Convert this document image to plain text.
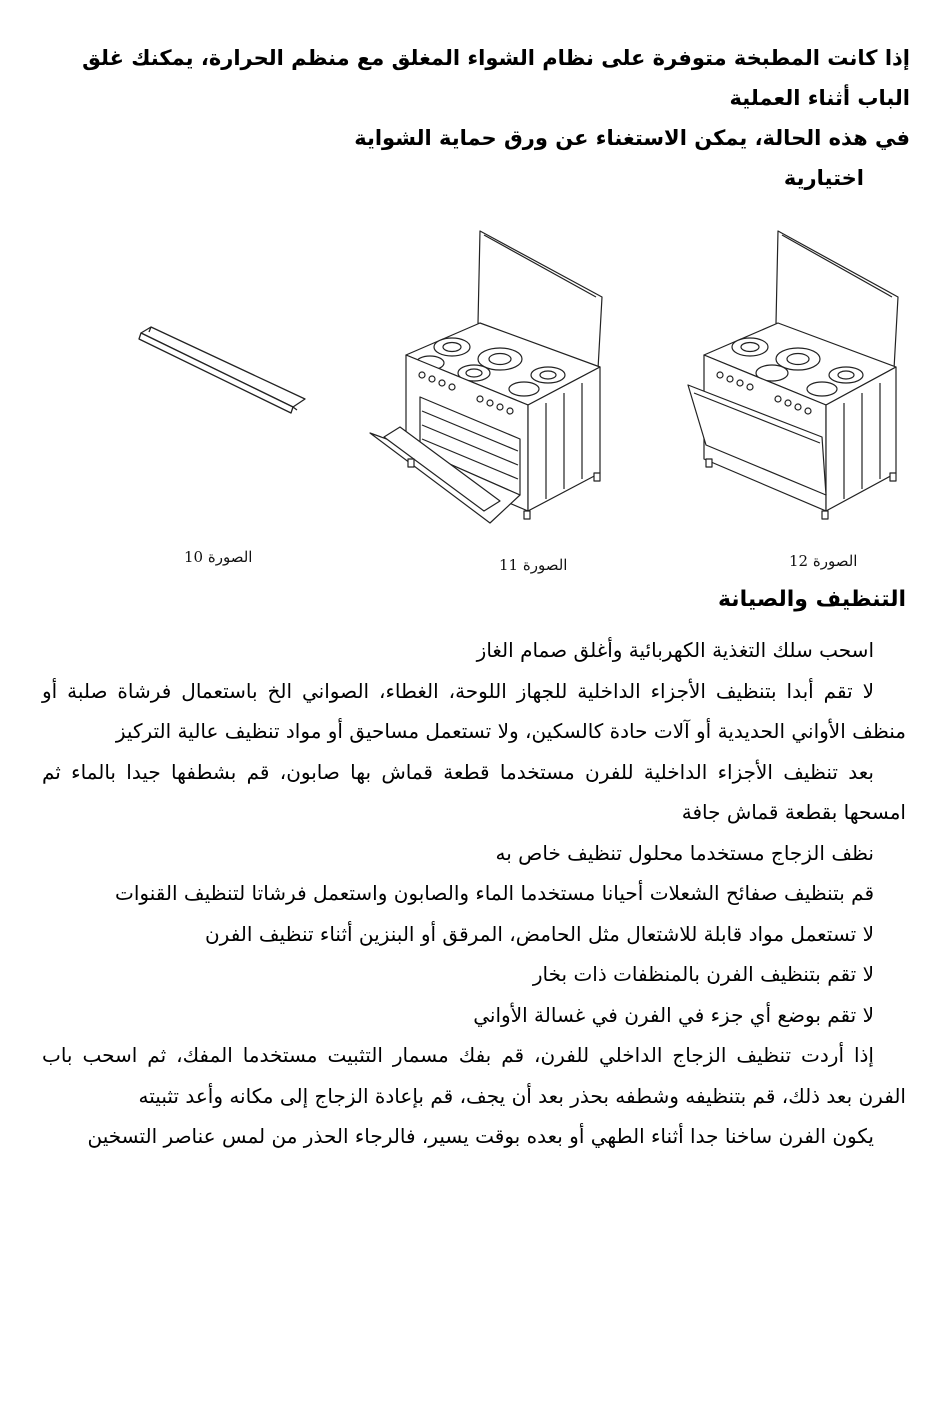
إذا كانت المطبخة متوفرة على نظام الشواء المغلق مع منظم الحرارة، يمكنك غلق الباب أثناء العملية

في هذه الحالة، يمكن الاستغناء عن ورق حماية الشواية

اختيارية

الصورة 10	الصورة 11	الصورة 12
التنظيف والصيانة

اسحب سلك التغذية الكهربائية وأغلق صمام الغاز

لا تقم أبدا بتنظيف الأجزاء الداخلية للجهاز اللوحة، الغطاء، الصواني الخ باستعمال فرشاة صلبة أو منظف الأواني الحديدية أو آلات حادة كالسكين، ولا تستعمل مساحيق أو مواد تنظيف عالية التركيز

بعد تنظيف الأجزاء الداخلية للفرن مستخدما قطعة قماش بها صابون، قم بشطفها جيدا بالماء ثم امسحها بقطعة قماش جافة

نظف الزجاج مستخدما محلول تنظيف خاص به

قم بتنظيف صفائح الشعلات أحيانا مستخدما الماء والصابون واستعمل فرشاتا لتنظيف القنوات

لا تستعمل مواد قابلة للاشتعال مثل الحامض، المرقق أو البنزين أثناء تنظيف الفرن

لا تقم بتنظيف الفرن بالمنظفات ذات بخار

لا تقم بوضع أي جزء في الفرن في غسالة الأواني

إذا أردت تنظيف الزجاج الداخلي للفرن، قم بفك مسمار التثبيت مستخدما المفك، ثم اسحب باب الفرن بعد ذلك، قم بتنظيفه وشطفه بحذر بعد أن يجف، قم بإعادة الزجاج إلى مكانه وأعد تثبيته

يكون الفرن ساخنا جدا أثناء الطهي أو بعده بوقت يسير، فالرجاء الحذر من لمس عناصر التسخين
